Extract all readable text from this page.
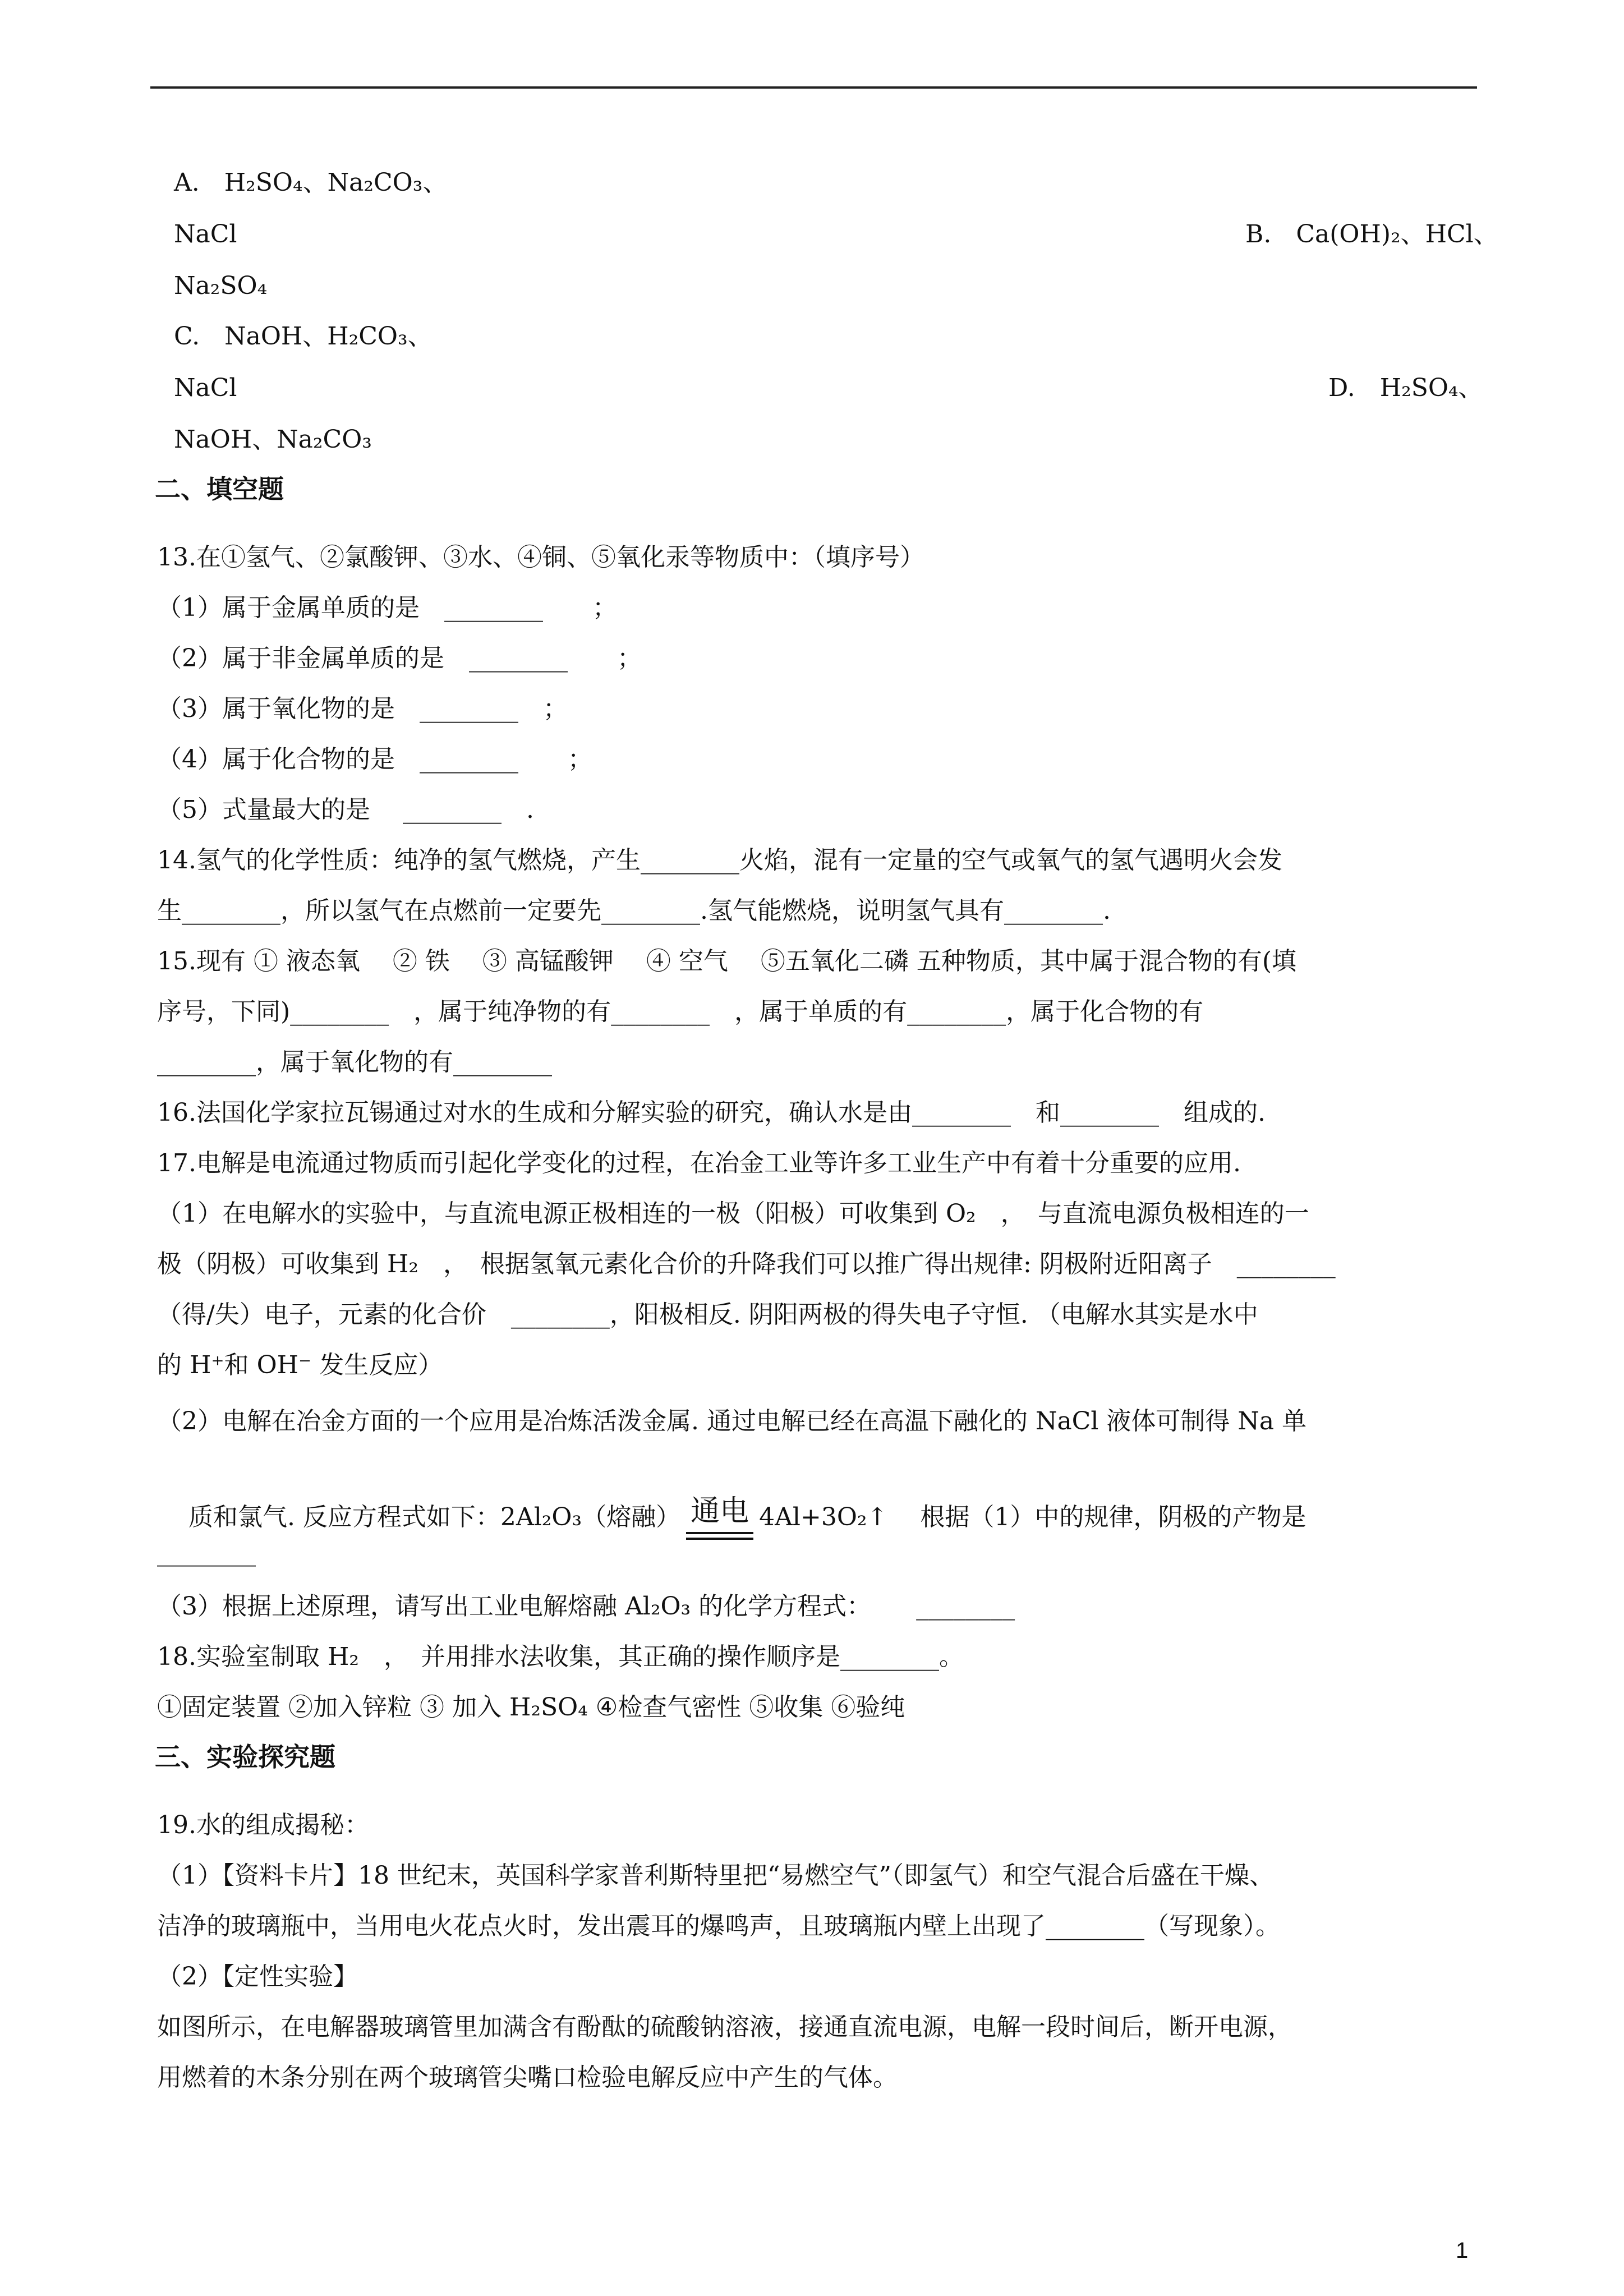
A.　H₂SO₄、Na₂CO₃、
NaCl	B.　Ca(OH)₂、HCl、
Na₂SO₄
C.　NaOH、H₂CO₃、
NaCl	D.　H₂SO₄、
NaOH、Na₂CO₃
二、填空题
13.在①氢气、②氯酸钾、③水、④铜、⑤氧化汞等物质中：（填序号）
（1）属于金属单质的是　________　　；
（2）属于非金属单质的是　________　　；
（3）属于氧化物的是　________　；
（4）属于化合物的是　________　　；
（5）式量最大的是　 ________　.
14.氢气的化学性质：纯净的氢气燃烧，产生________火焰，混有一定量的空气或氧气的氢气遇明火会发
生________，所以氢气在点燃前一定要先________.氢气能燃烧，说明氢气具有________.
15.现有 ① 液态氧　 ② 铁　 ③ 高锰酸钾　 ④ 空气　 ⑤五氧化二磷 五种物质，其中属于混合物的有(填
序号，下同)________　，属于纯净物的有________　，属于单质的有________，属于化合物的有
________，属于氧化物的有________
16.法国化学家拉瓦锡通过对水的生成和分解实验的研究，确认水是由________　和________　组成的.
17.电解是电流通过物质而引起化学变化的过程，在冶金工业等许多工业生产中有着十分重要的应用.
（1）在电解水的实验中，与直流电源正极相连的一极（阳极）可收集到 O₂　，　与直流电源负极相连的一
极（阴极）可收集到 H₂　，　根据氢氧元素化合价的升降我们可以推广得出规律: 阴极附近阳离子　________
（得/失）电子，元素的化合价　________，阳极相反. 阴阳两极的得失电子守恒. （电解水其实是水中
的 H⁺和 OH⁻ 发生反应）
（2）电解在冶金方面的一个应用是冶炼活泼金属. 通过电解已经在高温下融化的 NaCl 液体可制得 Na 单

质和氯气. 反应方程式如下：2Al₂O₃（熔融） 通电 4Al+3O₂↑　 根据（1）中的规律，阴极的产物是

________
（3）根据上述原理，请写出工业电解熔融 Al₂O₃ 的化学方程式：　　 ________
18.实验室制取 H₂　，　并用排水法收集，其正确的操作顺序是________。
①固定装置 ②加入锌粒 ③ 加入 H₂SO₄ ④检查气密性 ⑤收集 ⑥验纯
三、实验探究题
19.水的组成揭秘：
（1）【资料卡片】18 世纪末，英国科学家普利斯特里把“易燃空气”（即氢气）和空气混合后盛在干燥、
洁净的玻璃瓶中，当用电火花点火时，发出震耳的爆鸣声，且玻璃瓶内壁上出现了________（写现象）。
（2）【定性实验】
如图所示，在电解器玻璃管里加满含有酚酞的硫酸钠溶液，接通直流电源，电解一段时间后，断开电源，
用燃着的木条分别在两个玻璃管尖嘴口检验电解反应中产生的气体。
1
